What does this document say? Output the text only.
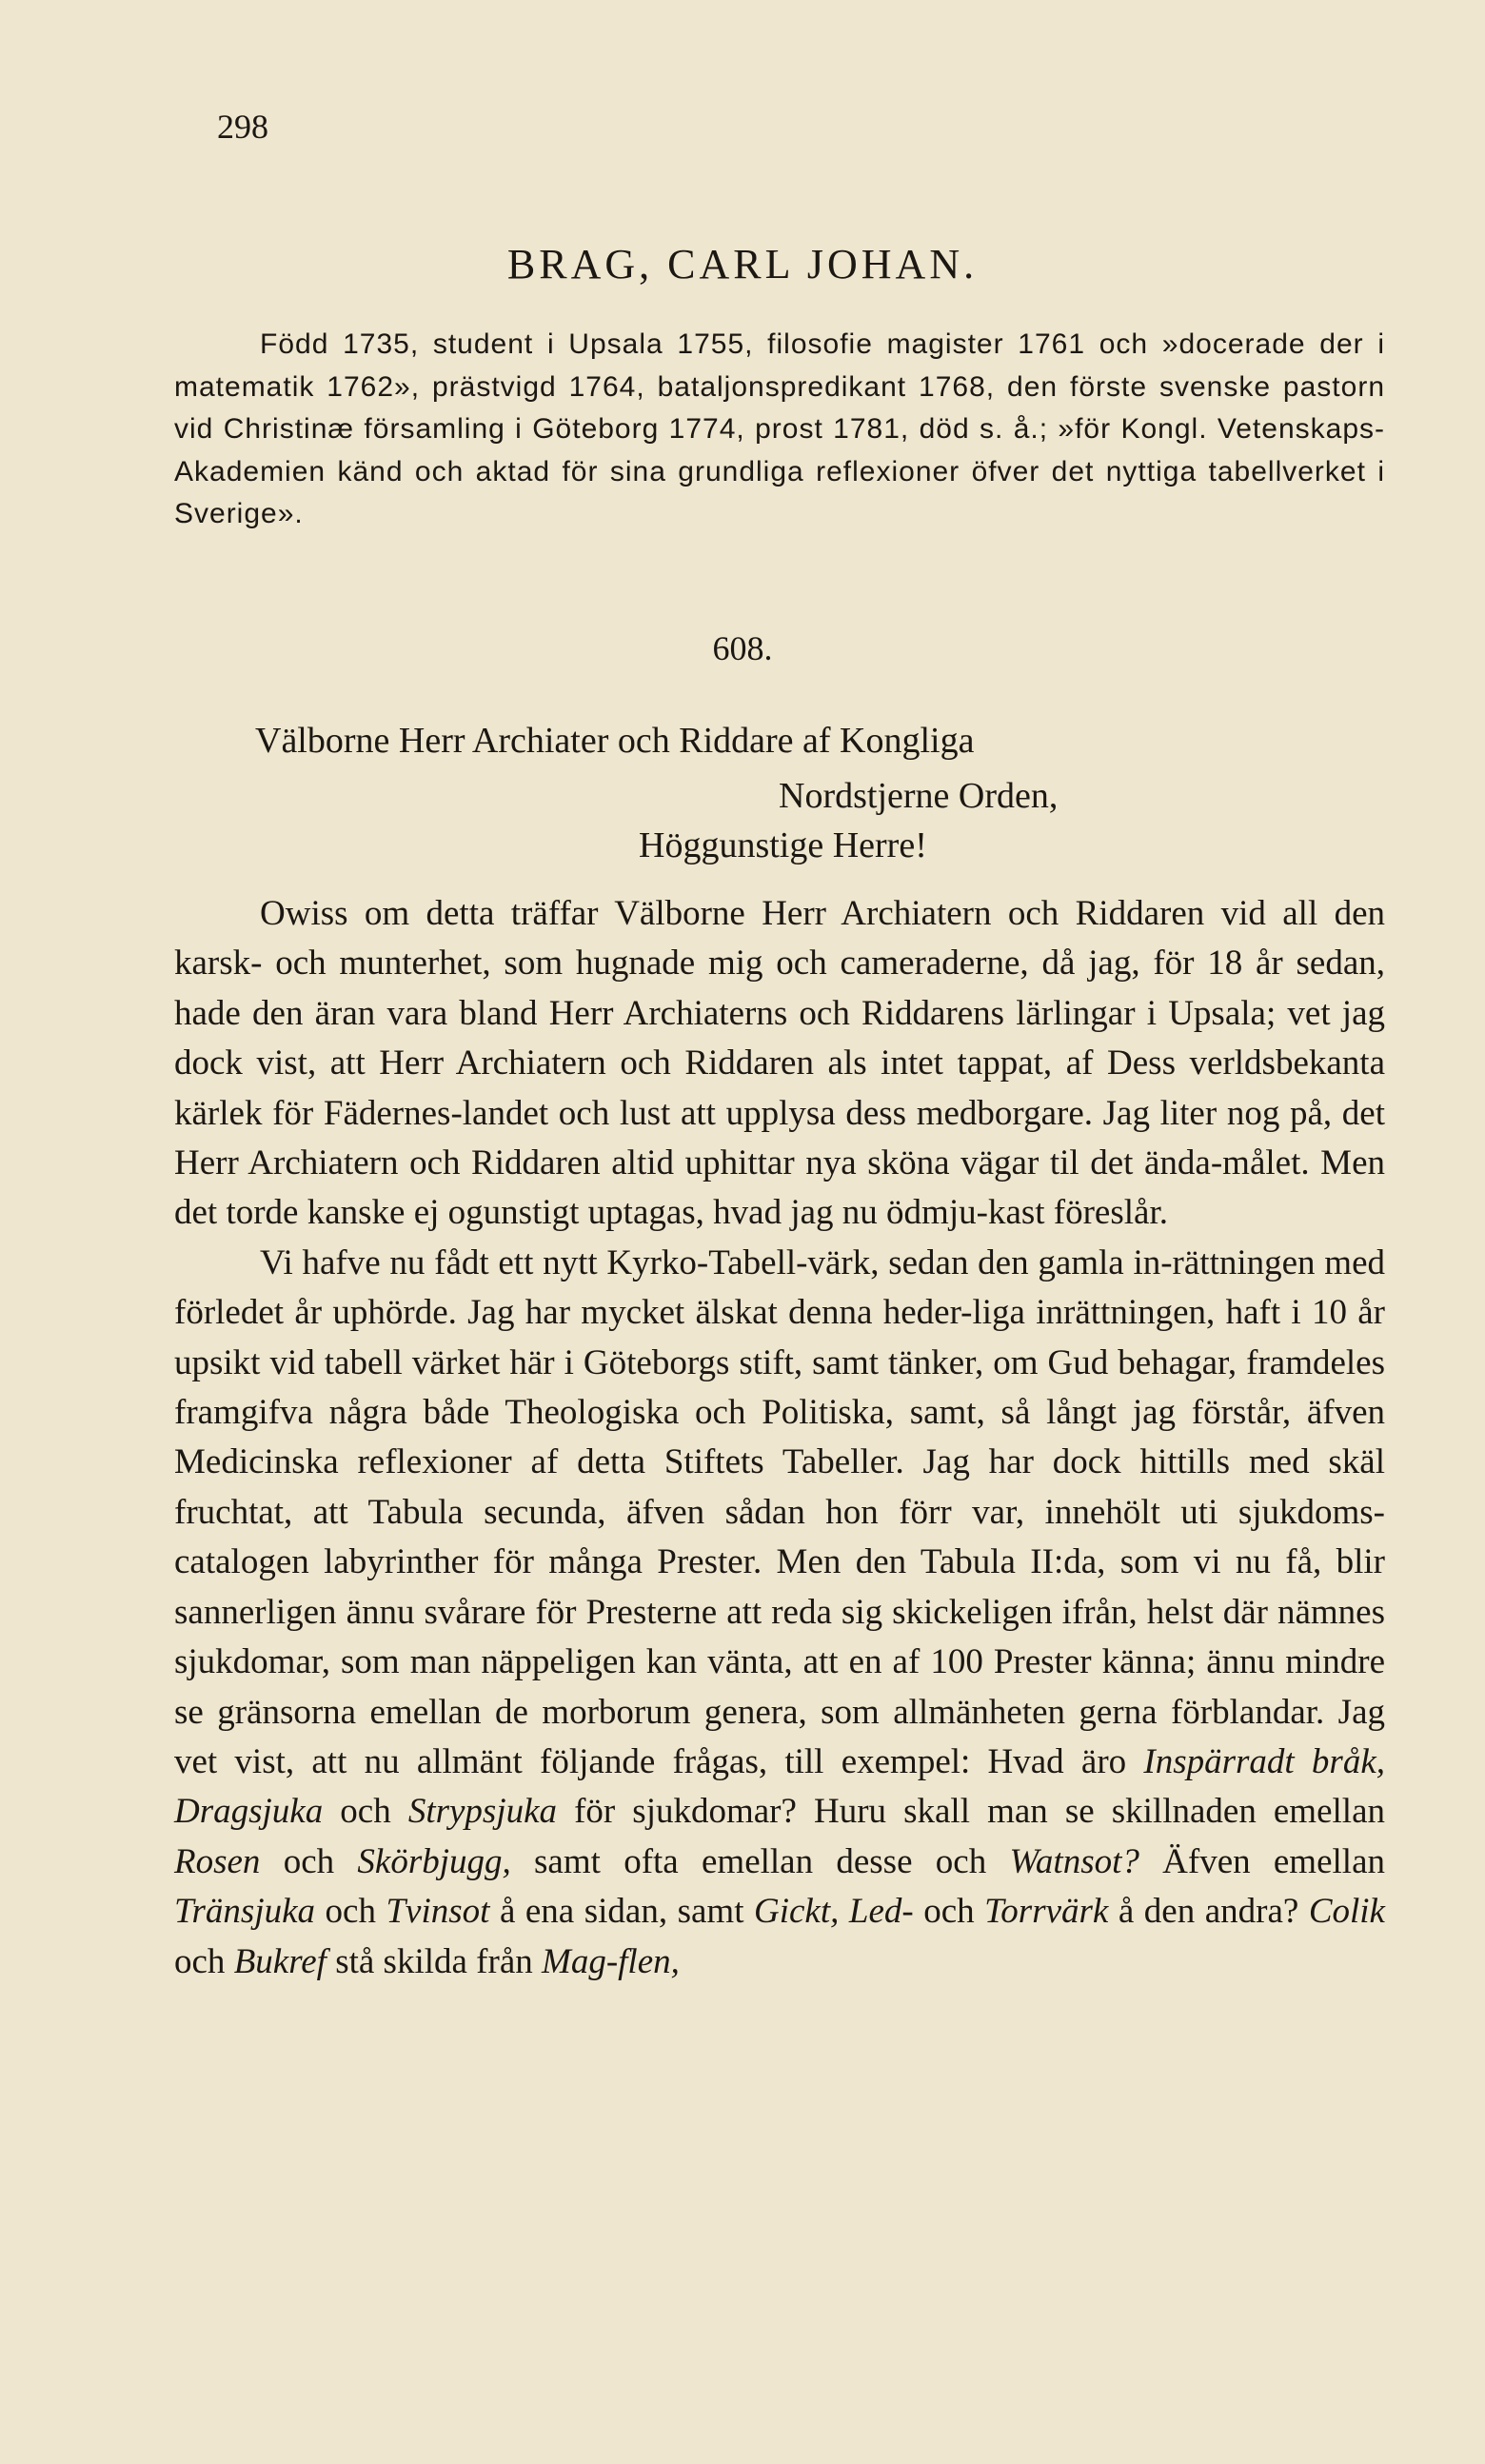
298
BRAG, CARL JOHAN.
Född 1735, student i Upsala 1755, filosofie magister 1761 och »docerade der i matematik 1762», prästvigd 1764, bataljonspredikant 1768, den förste svenske pastorn vid Christinæ församling i Göteborg 1774, prost 1781, död s. å.; »för Kongl. Vetenskaps-Akademien känd och aktad för sina grundliga reflexioner öfver det nyttiga tabellverket i Sverige».
608.
Välborne Herr Archiater och Riddare af Kongliga
Nordstjerne Orden,
Höggunstige Herre!

Owiss om detta träffar Välborne Herr Archiatern och Riddaren vid all den karsk- och munterhet, som hugnade mig och cameraderne, då jag, för 18 år sedan, hade den äran vara bland Herr Archiaterns och Riddarens lärlingar i Upsala; vet jag dock vist, att Herr Archiatern och Riddaren als intet tappat, af Dess verldsbekanta kärlek för Fädernes-landet och lust att upplysa dess medborgare. Jag liter nog på, det Herr Archiatern och Riddaren altid uphittar nya sköna vägar til det ända-målet. Men det torde kanske ej ogunstigt uptagas, hvad jag nu ödmju-kast föreslår.

Vi hafve nu fådt ett nytt Kyrko-Tabell-värk, sedan den gamla in-rättningen med förledet år uphörde. Jag har mycket älskat denna heder-liga inrättningen, haft i 10 år upsikt vid tabell värket här i Göteborgs stift, samt tänker, om Gud behagar, framdeles framgifva några både Theologiska och Politiska, samt, så långt jag förstår, äfven Medicinska reflexioner af detta Stiftets Tabeller. Jag har dock hittills med skäl fruchtat, att Tabula secunda, äfven sådan hon förr var, innehölt uti sjukdoms-catalogen labyrinther för många Prester. Men den Tabula II:da, som vi nu få, blir sannerligen ännu svårare för Presterne att reda sig skickeligen ifrån, helst där nämnes sjukdomar, som man näppeligen kan vänta, att en af 100 Prester känna; ännu mindre se gränsorna emellan de morborum genera, som allmänheten gerna förblandar. Jag vet vist, att nu allmänt följande frågas, till exempel: Hvad äro Inspärradt bråk, Dragsjuka och Strypsjuka för sjukdomar? Huru skall man se skillnaden emellan Rosen och Skörbjugg, samt ofta emellan desse och Watnsot? Äfven emellan Tränsjuka och Tvinsot å ena sidan, samt Gickt, Led- och Torrvärk å den andra? Colik och Bukref stå skilda från Mag-flen,
